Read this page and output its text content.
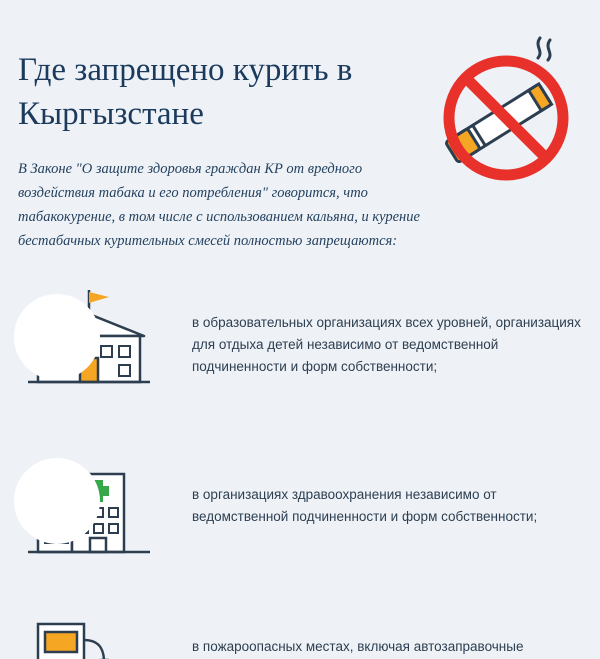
Где запрещено курить в Кыргызстане

В Законе "О защите здоровья граждан КР от вредного воздействия табака и его потребления" говорится, что табакокурение, в том числе с использованием кальяна, и курение бестабачных курительных смесей полностью запрещаются:

в образовательных организациях всех уровней, организациях для отдыха детей независимо от ведомственной подчиненности и форм собственности;
в организациях здравоохранения независимо от ведомственной подчиненности и форм собственности;
в пожароопасных местах, включая автозаправочные
